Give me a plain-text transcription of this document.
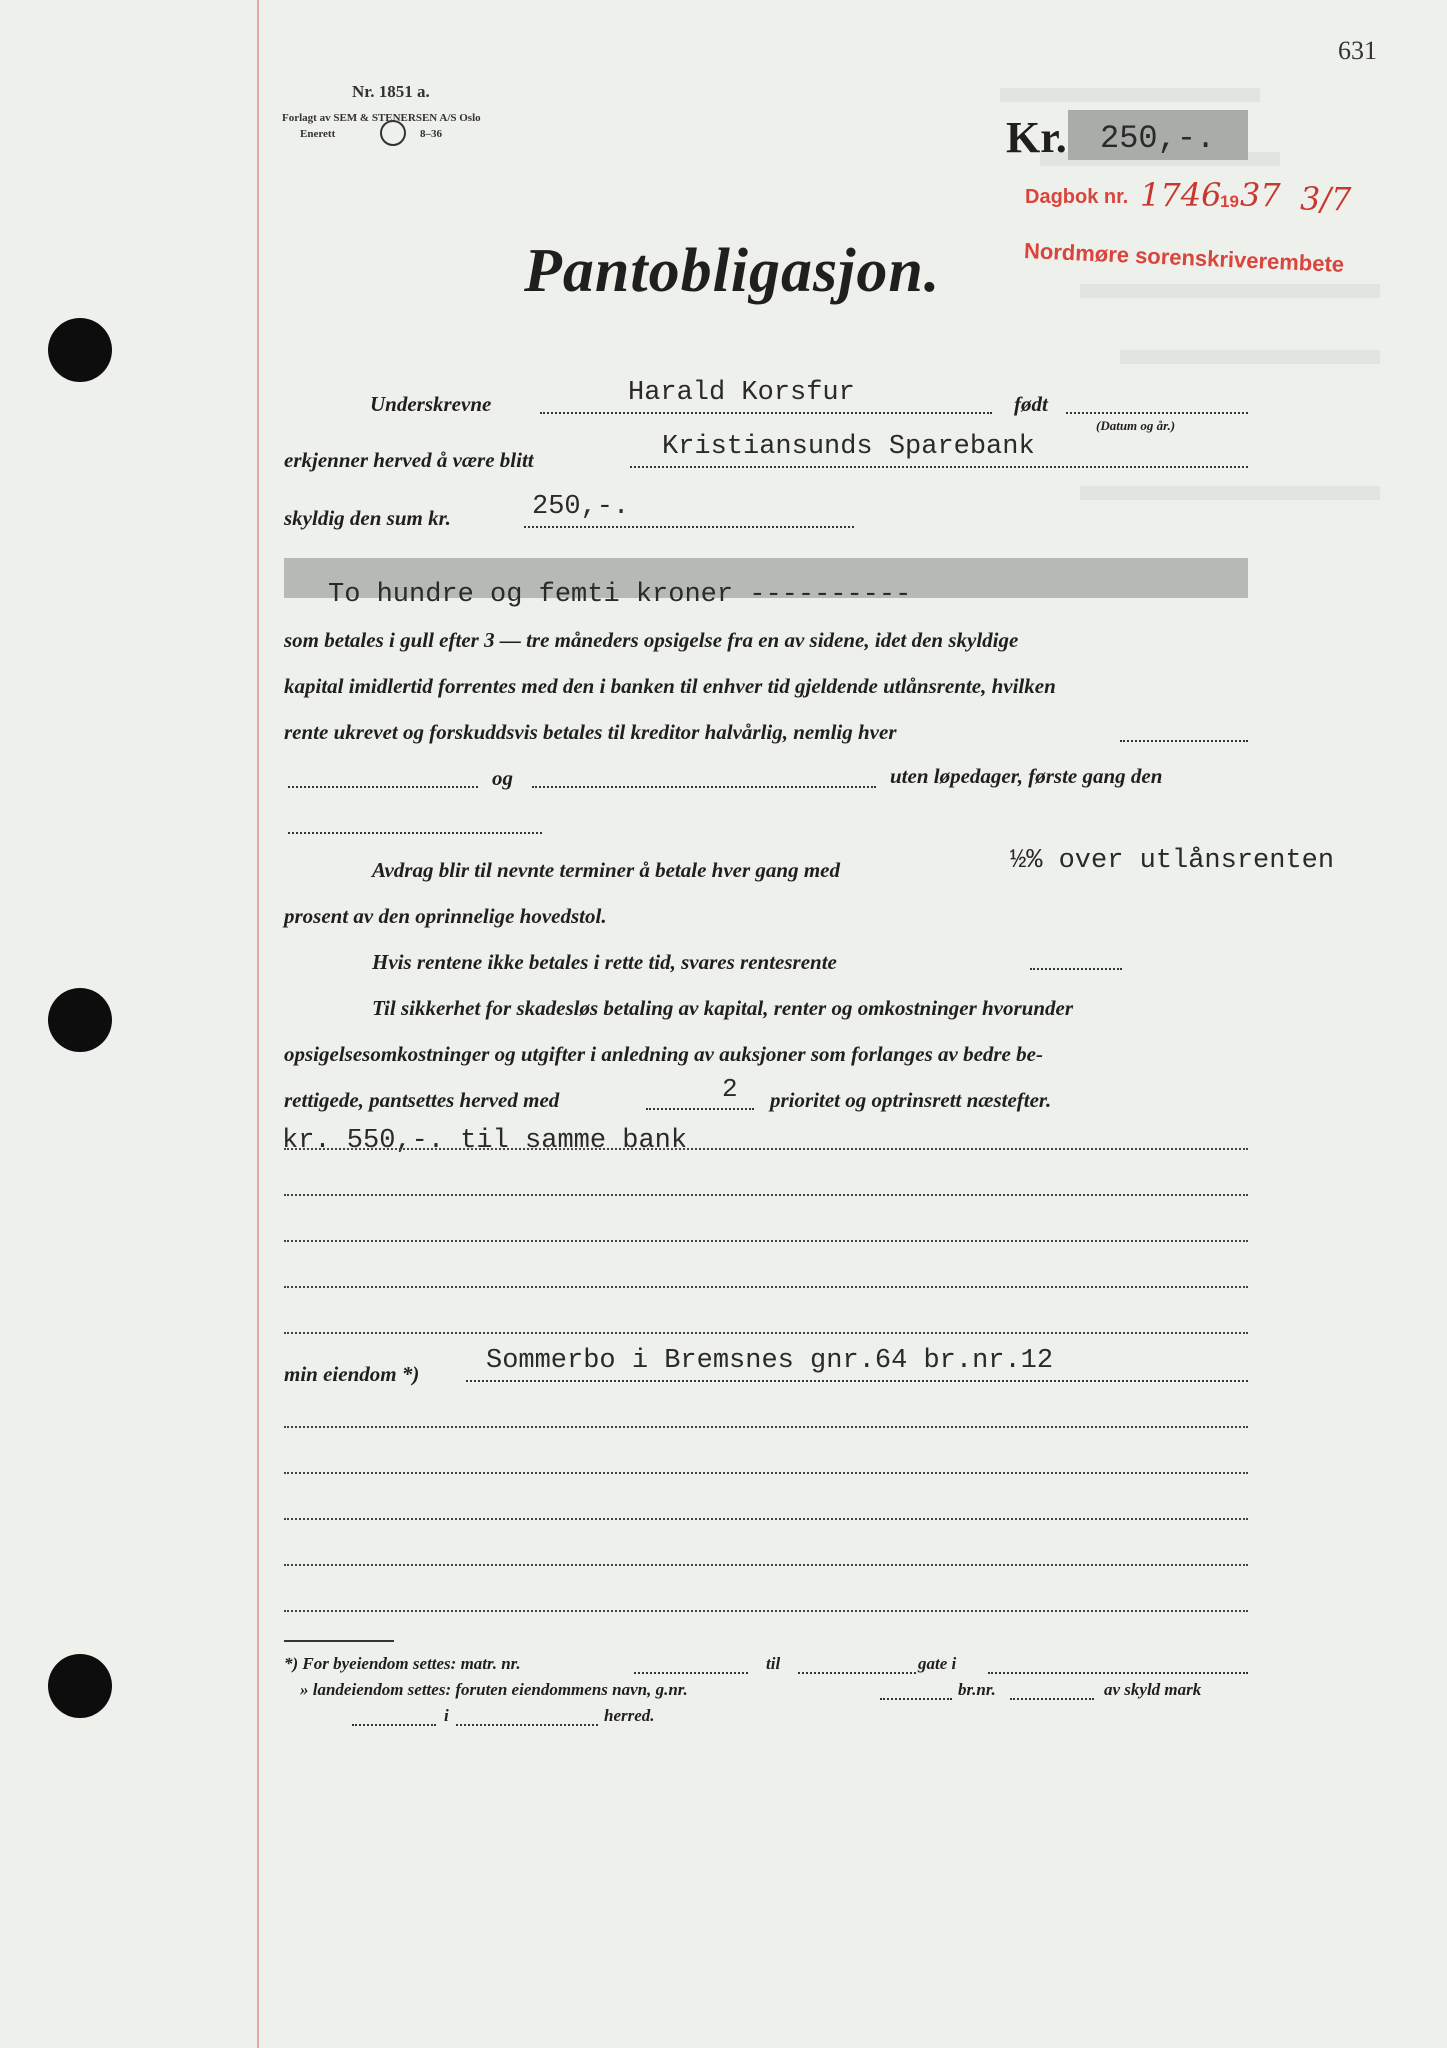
631
Nr. 1851 a.
Forlagt av SEM & STENERSEN A/S Oslo
Enerett	8–36	Kr. 250,-.
Dagbok nr. 1746
19 37 3/7
Nordmøre sorenskriverembete
Pantobligasjon.
Underskrevne	Harald Korsfur	født
(Datum og år.)
erkjenner herved å være blitt	Kristiansunds Sparebank
skyldig den sum kr.	250,-.
To hundre og femti kroner ----------
som betales i gull efter 3 — tre måneders opsigelse fra en av sidene, idet den skyldige
kapital imidlertid forrentes med den i banken til enhver tid gjeldende utlånsrente, hvilken
rente ukrevet og forskuddsvis betales til kreditor halvårlig, nemlig hver
og	uten løpedager, første gang den
Avdrag blir til nevnte terminer å betale hver gang med	½% over utlånsrenten
prosent av den oprinnelige hovedstol.
Hvis rentene ikke betales i rette tid, svares rentesrente
Til sikkerhet for skadesløs betaling av kapital, renter og omkostninger hvorunder
opsigelsesomkostninger og utgifter i anledning av auksjoner som forlanges av bedre be-
rettigede, pantsettes herved med	2 prioritet og optrinsrett næstefter.
kr. 550,-. til samme bank
min eiendom *) Sommerbo i Bremsnes gnr.64 br.nr.12
*) For byeiendom settes: matr. nr.	til	gate i
» landeiendom settes: foruten eiendommens navn, g.nr.	br.nr.	av skyld mark
i	herred.
